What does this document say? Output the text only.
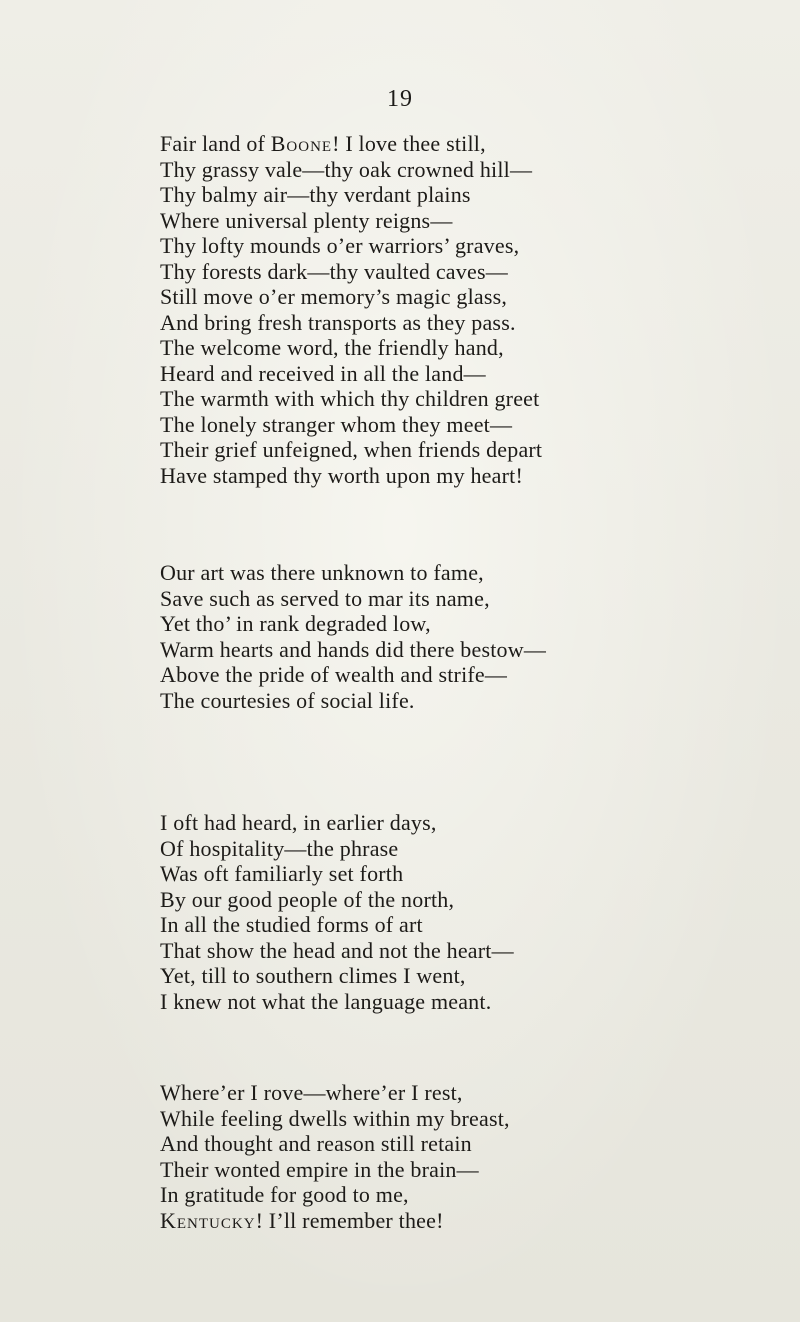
19
Fair land of Boone! I love thee still,
Thy grassy vale—thy oak crowned hill—
Thy balmy air—thy verdant plains
Where universal plenty reigns—
Thy lofty mounds o’er warriors’ graves,
Thy forests dark—thy vaulted caves—
Still move o’er memory’s magic glass,
And bring fresh transports as they pass.
The welcome word, the friendly hand,
Heard and received in all the land—
The warmth with which thy children greet
The lonely stranger whom they meet—
Their grief unfeigned, when friends depart
Have stamped thy worth upon my heart!
Our art was there unknown to fame,
Save such as served to mar its name,
Yet tho’ in rank degraded low,
Warm hearts and hands did there bestow—
Above the pride of wealth and strife—
The courtesies of social life.
I oft had heard, in earlier days,
Of hospitality—the phrase
Was oft familiarly set forth
By our good people of the north,
In all the studied forms of art
That show the head and not the heart—
Yet, till to southern climes I went,
I knew not what the language meant.
Where’er I rove—where’er I rest,
While feeling dwells within my breast,
And thought and reason still retain
Their wonted empire in the brain—
In gratitude for good to me,
Kentucky! I’ll remember thee!
